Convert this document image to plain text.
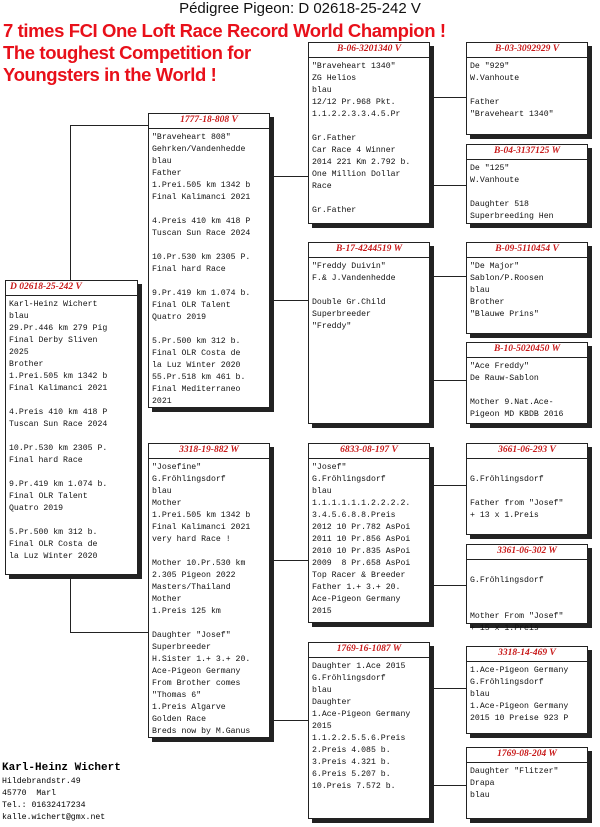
Pédigree Pigeon: D 02618-25-242 V
7 times FCI One Loft Race Record World Champion !
The toughest Competition for
Youngsters in the World !
D 02618-25-242 V
Karl-Heinz Wichert
blau
29.Pr.446 km 279 Pig
Final Derby Sliven
2025
Brother
1.Prei.505 km 1342 b
Final Kalimanci 2021

4.Preis 410 km 418 P
Tuscan Sun Race 2024

10.Pr.530 km 2305 P.
Final hard Race

9.Pr.419 km 1.074 b.
Final OLR Talent
Quatro 2019

5.Pr.500 km 312 b.
Final OLR Costa de
la Luz Winter 2020
1777-18-808 V
"Braveheart 808"
Gehrken/Vandenhedde
blau
Father
1.Prei.505 km 1342 b
Final Kalimanci 2021

4.Preis 410 km 418 P
Tuscan Sun Race 2024

10.Pr.530 km 2305 P.
Final hard Race

9.Pr.419 km 1.074 b.
Final OLR Talent
Quatro 2019

5.Pr.500 km 312 b.
Final OLR Costa de
la Luz Winter 2020
55.Pr.518 km 461 b.
Final Mediterraneo
2021
3318-19-882 W
"Josefine"
G.Fröhlingsdorf
blau
Mother
1.Prei.505 km 1342 b
Final Kalimanci 2021
very hard Race !

Mother 10.Pr.530 km
2.305 Pigeon 2022
Masters/Thailand
Mother
1.Preis 125 km

Daughter "Josef"
Superbreeder
H.Sister 1.+ 3.+ 20.
Ace-Pigeon Germany
From Brother comes
"Thomas 6"
1.Preis Algarve
Golden Race
Breds now by M.Ganus
B-06-3201340 V
"Braveheart 1340"
ZG Helios
blau
12/12 Pr.968 Pkt.
1.1.2.2.3.3.4.5.Pr

Gr.Father
Car Race 4 Winner
2014 221 Km 2.792 b.
One Million Dollar
Race

Gr.Father
B-17-4244519 W
"Freddy Duivin"
F.& J.Vandenhedde

Double Gr.Child
Superbreeder
"Freddy"
6833-08-197 V
"Josef"
G.Fröhlingsdorf
blau
1.1.1.1.1.1.2.2.2.2.
3.4.5.6.8.8.Preis
2012 10 Pr.782 AsPoi
2011 10 Pr.856 AsPoi
2010 10 Pr.835 AsPoi
2009  8 Pr.658 AsPoi
Top Racer & Breeder
Father 1.+ 3.+ 20.
Ace-Pigeon Germany
2015
1769-16-1087 W
Daughter 1.Ace 2015
G.Fröhlingsdorf
blau
Daughter
1.Ace-Pigeon Germany
2015
1.1.2.2.5.5.6.Preis
2.Preis 4.085 b.
3.Preis 4.321 b.
6.Preis 5.207 b.
10.Preis 7.572 b.
B-03-3092929 V
De "929"
W.Vanhoute

Father
"Braveheart 1340"
B-04-3137125 W
De "125"
W.Vanhoute

Daughter 518
Superbreeding Hen
B-09-5110454 V
"De Major"
Sablon/P.Roosen
blau
Brother
"Blauwe Prins"
B-10-5020450 W
"Ace Freddy"
De Rauw-Sablon

Mother 9.Nat.Ace-
Pigeon MD KBDB 2016
3661-06-293 V

G.Fröhlingsdorf

Father from "Josef"
+ 13 x 1.Preis
3361-06-302 W

G.Fröhlingsdorf

Mother From "Josef"
+ 15 x 1.Preis
3318-14-469 V
1.Ace-Pigeon Germany
G.Fröhlingsdorf
blau
1.Ace-Pigeon Germany
2015 10 Preise 923 P
1769-08-204 W
Daughter "Flitzer"
Drapa
blau
Karl-Heinz Wichert
Hildebrandstr.49
45770  Marl
Tel.: 01632417234
kalle.wichert@gmx.net
